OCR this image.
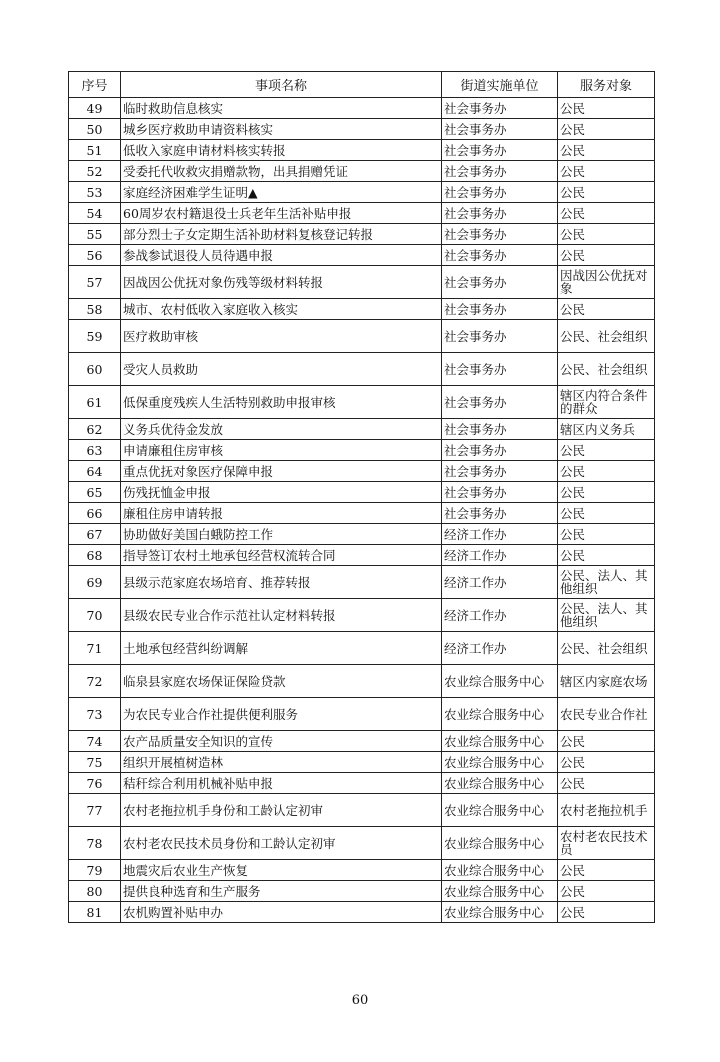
序号	事项名称	街道实施单位	服务对象
49	临时救助信息核实	社会事务办	公民
50	城乡医疗救助申请资料核实	社会事务办	公民
51	低收入家庭申请材料核实转报	社会事务办	公民
52	受委托代收救灾捐赠款物，出具捐赠凭证	社会事务办	公民
53	家庭经济困难学生证明▲	社会事务办	公民
54	60周岁农村籍退役士兵老年生活补贴申报	社会事务办	公民
55	部分烈士子女定期生活补助材料复核登记转报	社会事务办	公民
56	参战参试退役人员待遇申报	社会事务办	公民
57	因战因公优抚对象伤残等级材料转报	社会事务办	因战因公优抚对象
58	城市、农村低收入家庭收入核实	社会事务办	公民
59	医疗救助审核	社会事务办	公民、社会组织
60	受灾人员救助	社会事务办	公民、社会组织
61	低保重度残疾人生活特别救助申报审核	社会事务办	辖区内符合条件的群众
62	义务兵优待金发放	社会事务办	辖区内义务兵
63	申请廉租住房审核	社会事务办	公民
64	重点优抚对象医疗保障申报	社会事务办	公民
65	伤残抚恤金申报	社会事务办	公民
66	廉租住房申请转报	社会事务办	公民
67	协助做好美国白蛾防控工作	经济工作办	公民
68	指导签订农村土地承包经营权流转合同	经济工作办	公民
69	县级示范家庭农场培育、推荐转报	经济工作办	公民、法人、其他组织
70	县级农民专业合作示范社认定材料转报	经济工作办	公民、法人、其他组织
71	土地承包经营纠纷调解	经济工作办	公民、社会组织
72	临泉县家庭农场保证保险贷款	农业综合服务中心	辖区内家庭农场
73	为农民专业合作社提供便利服务	农业综合服务中心	农民专业合作社
74	农产品质量安全知识的宣传	农业综合服务中心	公民
75	组织开展植树造林	农业综合服务中心	公民
76	秸秆综合利用机械补贴申报	农业综合服务中心	公民
77	农村老拖拉机手身份和工龄认定初审	农业综合服务中心	农村老拖拉机手
78	农村老农民技术员身份和工龄认定初审	农业综合服务中心	农村老农民技术员
79	地震灾后农业生产恢复	农业综合服务中心	公民
80	提供良种选育和生产服务	农业综合服务中心	公民
81	农机购置补贴申办	农业综合服务中心	公民
60
